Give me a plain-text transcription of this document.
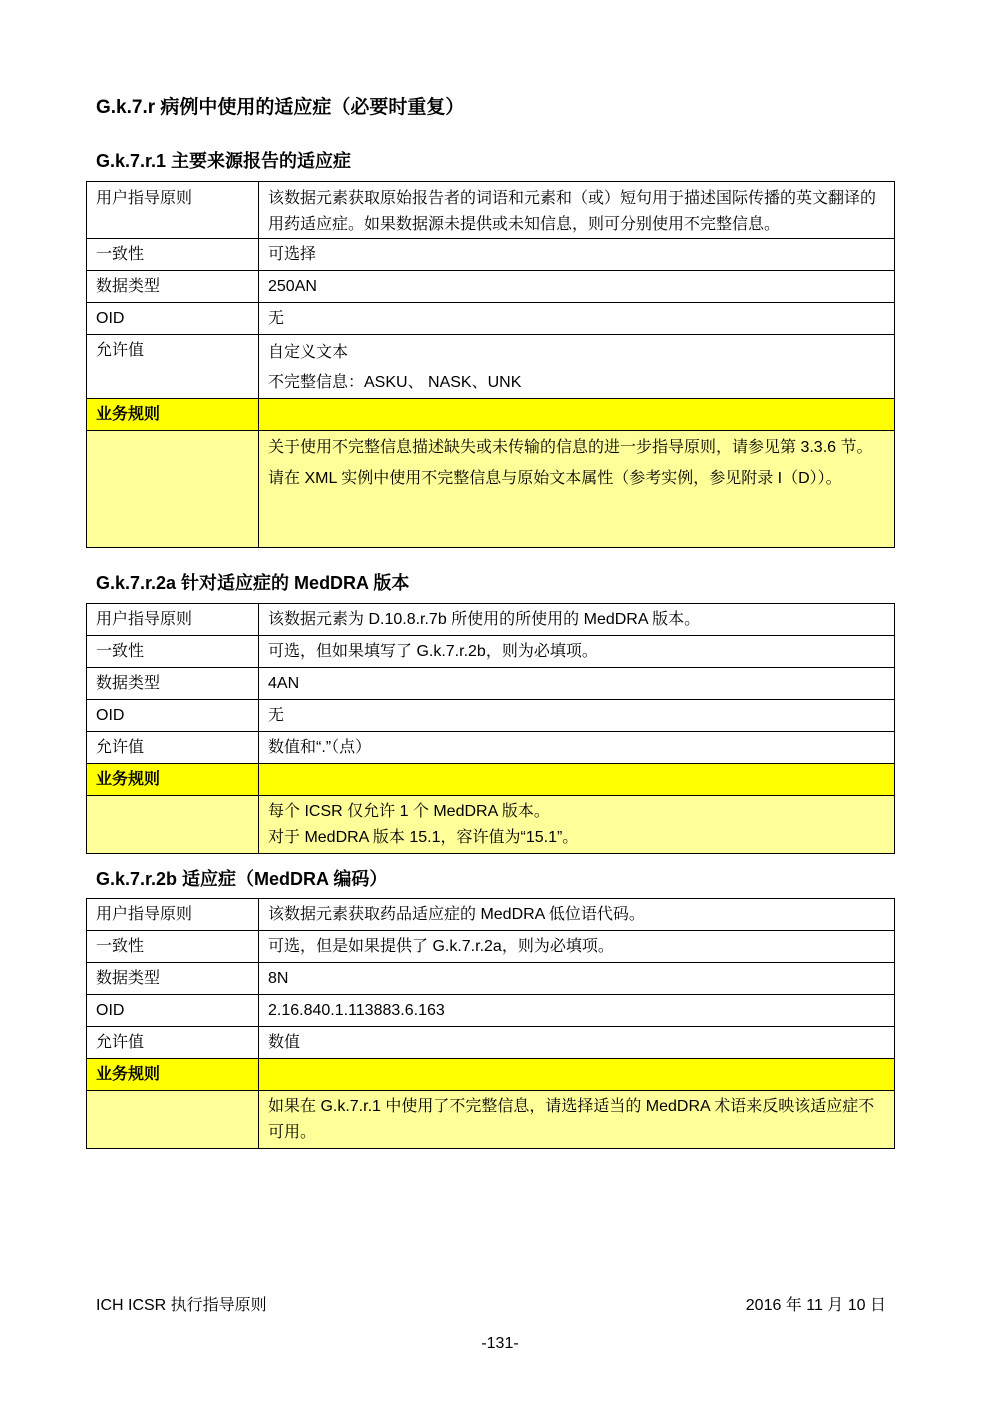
G.k.7.r 病例中使用的适应症（必要时重复）
G.k.7.r.1 主要来源报告的适应症
用户指导原则	该数据元素获取原始报告者的词语和元素和（或）短句用于描述国际传播的英文翻译的用药适应症。如果数据源未提供或未知信息，则可分别使用不完整信息。
一致性	可选择
数据类型	250AN
OID	无
允许值	自定义文本

不完整信息：ASKU、 NASK、UNK

业务规则	

	关于使用不完整信息描述缺失或未传输的信息的进一步指导原则，请参见第 3.3.6 节。

请在 XML 实例中使用不完整信息与原始文本属性（参考实例，参见附录 I（D））。

G.k.7.r.2a 针对适应症的 MedDRA 版本
用户指导原则	该数据元素为 D.10.8.r.7b 所使用的所使用的 MedDRA 版本。
一致性	可选，但如果填写了 G.k.7.r.2b，则为必填项。
数据类型	4AN
OID	无
允许值	数值和“.”（点）
业务规则	

	每个 ICSR 仅允许 1 个 MedDRA 版本。

对于 MedDRA 版本 15.1，容许值为“15.1”。

G.k.7.r.2b 适应症（MedDRA 编码）
用户指导原则	该数据元素获取药品适应症的 MedDRA 低位语代码。
一致性	可选，但是如果提供了 G.k.7.r.2a，则为必填项。
数据类型	8N
OID	2.16.840.1.113883.6.163
允许值	数值
业务规则	
	如果在 G.k.7.r.1 中使用了不完整信息，请选择适当的 MedDRA 术语来反映该适应症不可用。
ICH ICSR 执行指导原则	2016 年 11 月 10 日
-131-
